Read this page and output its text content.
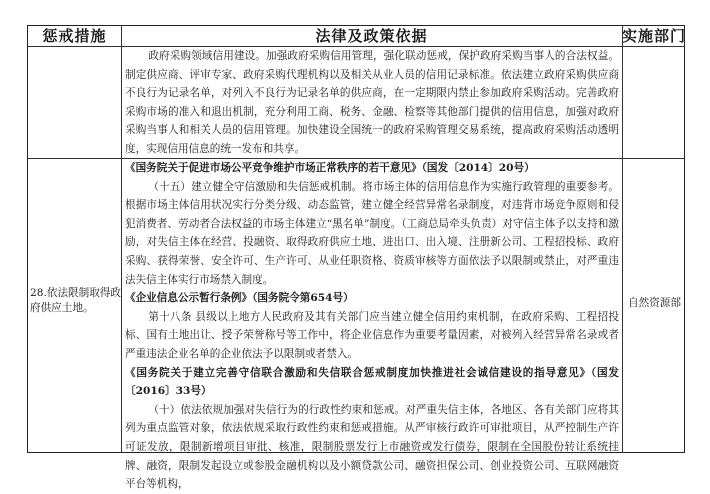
惩戒措施	法律及政策依据	实施部门

政府采购领域信用建设。加强政府采购信用管理，强化联动惩戒，保护政府采购当事人的合法权益。制定供应商、评审专家、政府采购代理机构以及相关从业人员的信用记录标准。依法建立政府采购供应商不良行为记录名单，对列入不良行为记录名单的供应商，在一定期限内禁止参加政府采购活动。完善政府采购市场的准入和退出机制，充分利用工商、税务、金融、检察等其他部门提供的信用信息，加强对政府采购当事人和相关人员的信用管理。加快建设全国统一的政府采购管理交易系统，提高政府采购活动透明度，实现信用信息的统一发布和共享。

28.依法限制取得政府供应土地。

《国务院关于促进市场公平竞争维护市场正常秩序的若干意见》（国发〔2014〕20号）

（十五）建立健全守信激励和失信惩戒机制。将市场主体的信用信息作为实施行政管理的重要参考。根据市场主体信用状况实行分类分级、动态监管，建立健全经营异常名录制度，对违背市场竞争原则和侵犯消费者、劳动者合法权益的市场主体建立“黑名单”制度。（工商总局牵头负责）对守信主体予以支持和激励，对失信主体在经营、投融资、取得政府供应土地、进出口、出入境、注册新公司、工程招投标、政府采购、获得荣誉、安全许可、生产许可、从业任职资格、资质审核等方面依法予以限制或禁止，对严重违法失信主体实行市场禁入制度。

《企业信息公示暂行条例》（国务院令第654号）

第十八条 县级以上地方人民政府及其有关部门应当建立健全信用约束机制，在政府采购、工程招投标、国有土地出让、授予荣誉称号等工作中，将企业信息作为重要考量因素，对被列入经营异常名录或者严重违法企业名单的企业依法予以限制或者禁入。

《国务院关于建立完善守信联合激励和失信联合惩戒制度加快推进社会诚信建设的指导意见》（国发〔2016〕33号）

（十）依法依规加强对失信行为的行政性约束和惩戒。对严重失信主体，各地区、各有关部门应将其列为重点监管对象，依法依规采取行政性约束和惩戒措施。从严审核行政许可审批项目，从严控制生产许可证发放，限制新增项目审批、核准，限制股票发行上市融资或发行债券，限制在全国股份转让系统挂牌、融资，限制发起设立或参股金融机构以及小额贷款公司、融资担保公司、创业投资公司、互联网融资平台等机构，

自然资源部
